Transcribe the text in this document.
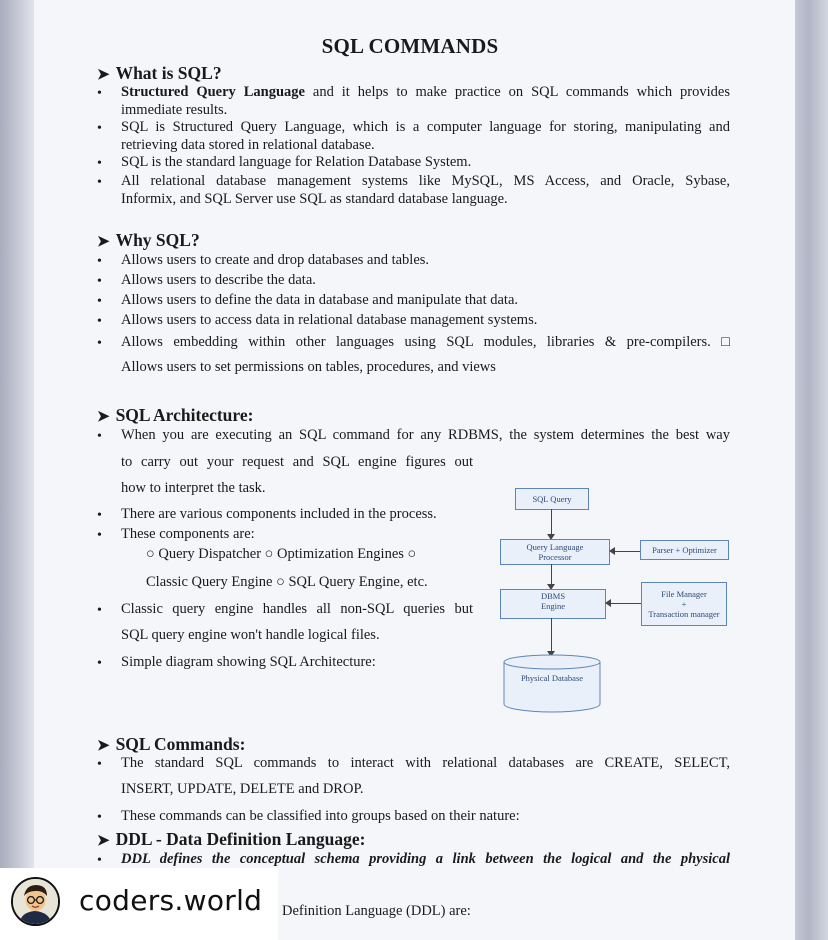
SQL COMMANDS
➤ What is SQL?
• Structured Query Language and it helps to make practice on SQL commands which provides
immediate results.
• SQL is Structured Query Language, which is a computer language for storing, manipulating and
retrieving data stored in relational database.
• SQL is the standard language for Relation Database System.
• All relational database management systems like MySQL, MS Access, and Oracle, Sybase,
Informix, and SQL Server use SQL as standard database language.
➤ Why SQL?
• Allows users to create and drop databases and tables.
• Allows users to describe the data.
• Allows users to define the data in database and manipulate that data.
• Allows users to access data in relational database management systems.
• Allows embedding within other languages using SQL modules, libraries & pre-compilers. □
Allows users to set permissions on tables, procedures, and views
➤ SQL Architecture:
• When you are executing an SQL command for any RDBMS, the system determines the best way
to carry out your request and SQL engine figures out
how to interpret the task.
• There are various components included in the process.
• These components are:
○ Query Dispatcher ○ Optimization Engines ○
Classic Query Engine ○ SQL Query Engine, etc.
• Classic query engine handles all non-SQL queries but
SQL query engine won't handle logical files.
• Simple diagram showing SQL Architecture:
SQL Query
Query Language
Processor
Parser + Optimizer
DBMS
Engine
File Manager
+
Transaction manager
Physical Database
➤ SQL Commands:
• The standard SQL commands to interact with relational databases are CREATE, SELECT,
INSERT, UPDATE, DELETE and DROP.
• These commands can be classified into groups based on their nature:
➤ DDL - Data Definition Language:
• DDL defines the conceptual schema providing a link between the logical and the physical
Definition Language (DDL) are:
coders.world
